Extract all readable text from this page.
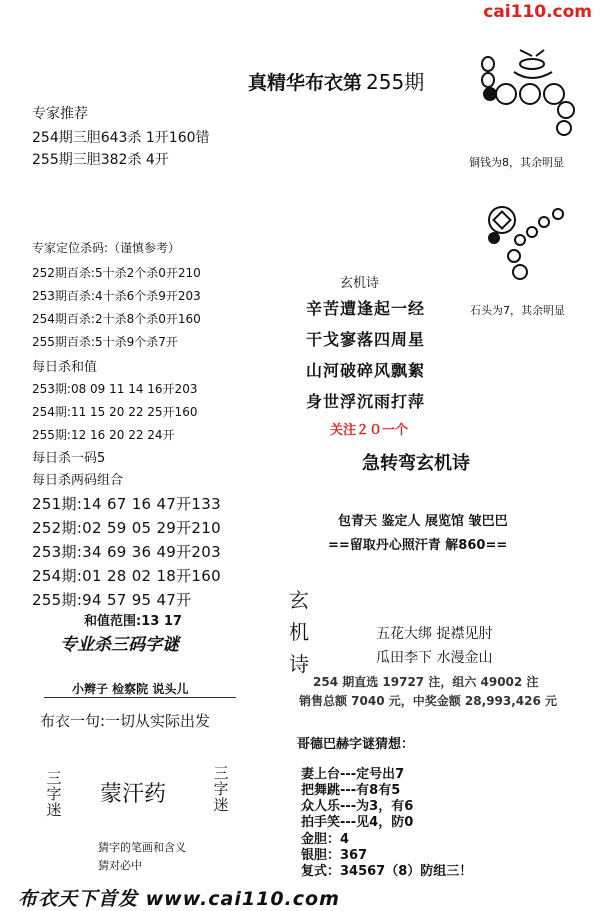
cai110.com
真精华布衣第 255期
专家推荐
254期三胆643杀 1开160错
255期三胆382杀 4开
专家定位杀码:（谨慎参考）
252期百杀:5十杀2个杀0开210
253期百杀:4十杀6个杀9开203
254期百杀:2十杀8个杀0开160
255期百杀:5十杀9个杀7开
每日杀和值
253期:08 09 11 14 16开203
254期:11 15 20 22 25开160
255期:12 16 20 22 24开
每日杀一码5
每日杀两码组合
251期:14 67 16 47开133
252期:02 59 05 29开210
253期:34 69 36 49开203
254期:01 28 02 18开160
255期:94 57 95 47开
和值范围:13 17
专业杀三码字谜
小辫子 检察院 说头儿
布衣一句:一切从实际出发
三字迷
蒙汗药
三字迷
猜字的笔画和含义
猜对必中
布衣天下首发 www.cai110.com
铜钱为8，其余明显
石头为7，其余明显
玄机诗
辛苦遭逢起一经
干戈寥落四周星
山河破碎风飘絮
身世浮沉雨打萍
关注２０一个
急转弯玄机诗
包青天 鉴定人 展览馆 皱巴巴
==留取丹心照汗青 解860==
玄机诗
五花大绑 捉襟见肘
瓜田李下 水漫金山
254 期直选 19727 注，组六 49002 注
销售总额 7040 元，中奖金额 28,993,426 元
哥德巴赫字谜猜想：
妻上台---定号出7
把舞跳---有8有5
众人乐---为3，有6
拍手笑---见4，防0
金胆：4
银胆：367
复式：34567（8）防组三！
